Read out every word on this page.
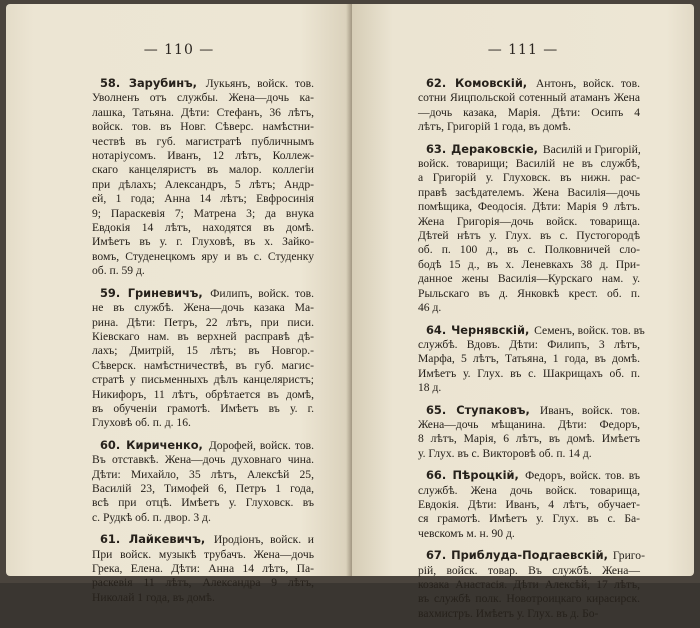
— 110 —
58. Зарубинъ, Лукьянъ, войск. тов.
Уволненъ отъ службы. Жена—дочь ка-
лашка, Татьяна. Дѣти: Стефанъ, 36 лѣтъ,
войск. тов. въ Новг. Сѣверс. намѣстни-
чествѣ въ губ. магистратѣ публичнымъ
нотаріусомъ. Иванъ, 12 лѣтъ, Коллеж-
скаго канцеляристъ въ малор. коллегіи
при дѣлахъ; Александръ, 5 лѣтъ; Андр-
ей, 1 года; Анна 14 лѣтъ; Евфросинія
9; Параскевія 7; Матрена 3; да внука
Евдокія 14 лѣтъ, находятся въ домѣ.
Имѣетъ въ у. г. Глуховѣ, въ х. Зайко-
вомъ, Студенецкомъ яру и въ с. Студенку
об. п. 59 д.
59. Гриневичъ, Филипъ, войск. тов.
не въ службѣ. Жена—дочь казака Ма-
рина. Дѣти: Петръ, 22 лѣтъ, при писи.
Кіевскаго нам. въ верхней расправѣ дѣ-
лахъ; Дмитрій, 15 лѣтъ; въ Новгор.-
Сѣверск. намѣстничествѣ, въ губ. магис-
стратѣ у письменныхъ дѣлъ канцеляристъ;
Никифоръ, 11 лѣтъ, обрѣтается въ домѣ,
въ обученіи грамотѣ. Имѣетъ въ у. г.
Глуховѣ об. п. д. 16.
60. Кириченко, Дорофей, войск. тов.
Въ отставкѣ. Жена—дочь духовнаго чина.
Дѣти: Михайло, 35 лѣтъ, Алексѣй 25,
Василій 23, Тимофей 6, Петръ 1 года,
всѣ при отцѣ. Имѣетъ у. Глуховск. въ
с. Рудкѣ об. п. двор. 3 д.
61. Лайкевичъ, Иродіонъ, войск. и
При войск. музыкѣ трубачъ. Жена—дочь
Грека, Елена. Дѣти: Анна 14 лѣтъ, Па-
раскевія 11 лѣтъ, Александра 9 лѣтъ,
Николай 1 года, въ домѣ.
— 111 —
62. Комовскій, Антонъ, войск. тов.
сотни Яицпольской сотенный атаманъ Жена
—дочь казака, Марія. Дѣти: Осипъ 4
лѣтъ, Григорій 1 года, въ домѣ.
63. Дераковскіе, Василій и Григорій,
войск. товарищи; Василій не въ службѣ,
а Григорій у. Глуховск. въ нижн. рас-
правѣ засѣдателемъ. Жена Василія—дочь
помѣщика, Феодосія. Дѣти: Марія 9 лѣтъ.
Жена Григорія—дочь войск. товарища.
Дѣтей нѣтъ у. Глух. въ с. Пустогородѣ
об. п. 100 д., въ с. Полковничей сло-
бодѣ 15 д., въ х. Леневкахъ 38 д. При-
данное жены Василія—Курскаго нам. у.
Рыльскаго въ д. Янковкѣ крест. об. п.
46 д.
64. Чернявскій, Семенъ, войск. тов. въ
службѣ. Вдовъ. Дѣти: Филипъ, 3 лѣтъ,
Марфа, 5 лѣтъ, Татьяна, 1 года, въ домѣ.
Имѣетъ у. Глух. въ с. Шакрищахъ об. п.
18 д.
65. Ступаковъ, Иванъ, войск. тов.
Жена—дочь мѣщанина. Дѣти: Федоръ,
8 лѣтъ, Марія, 6 лѣтъ, въ домѣ. Имѣетъ
у. Глух. въ с. Викторовѣ об. п. 14 д.
66. Пѣроцкій, Федоръ, войск. тов. въ
службѣ. Жена дочь войск. товарища,
Евдокія. Дѣти: Иванъ, 4 лѣтъ, обучает-
ся грамотѣ. Имѣетъ у. Глух. въ с. Ба-
чевскомъ м. н. 90 д.
67. Приблуда-Подгаевскій, Григо-
рій, войск. товар. Въ службѣ. Жена—
козака Анастасія. Дѣти Алексѣй, 17 лѣтъ,
въ службѣ полк. Новотроицкаго кирасирск.
вахмистръ. Имѣетъ у. Глух. въ д. Бо-
